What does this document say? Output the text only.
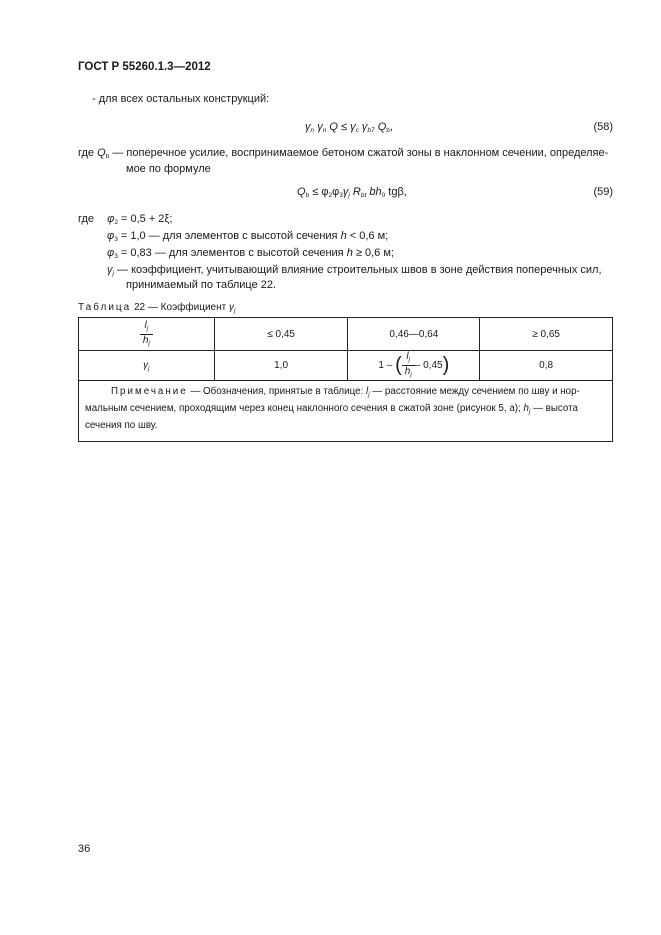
ГОСТ Р 55260.1.3—2012
- для всех остальных конструкций:
$\gamma_n$ $\gamma_n$ $Q \le \gamma_c$ $\gamma_{b7}$ $Q_b$,	(58)
где $Q_b$ — поперечное усилие, воспринимаемое бетоном сжатой зоны в наклонном сечении, определяе-
мое по формуле
$Q_b \le \varphi_2\varphi_3\gamma_j$ $R_{bt}$ $bh_0$ tgβ,	(59)
где $\varphi_2 = 0,5 + 2\xi$;
$\varphi_3 = 1,0$ — для элементов с высотой сечения h < 0,6 м;
$\varphi_3 = 0,83$ — для элементов с высотой сечения h ≥ 0,6 м;
$\gamma_j$ — коэффициент, учитывающий влияние строительных швов в зоне действия поперечных сил,
принимаемый по таблице 22.
Таблица 22 — Коэффициент $\gamma_j$
$\frac{l_j}{h_j}$	≤ 0,45	0,46—0,64	≥ 0,65
$\gamma_j$	1,0	1 – ( $\frac{l_j}{h_j} - 0,45$)	0,8
Примечание — Обозначения, принятые в таблице: $l_j$ — расстояние между сечением по шву и нор- мальным сечением, проходящим через конец наклонного сечения в сжатой зоне (рисунок 5, а); $h_j$ — высота сечения по шву.			
36
